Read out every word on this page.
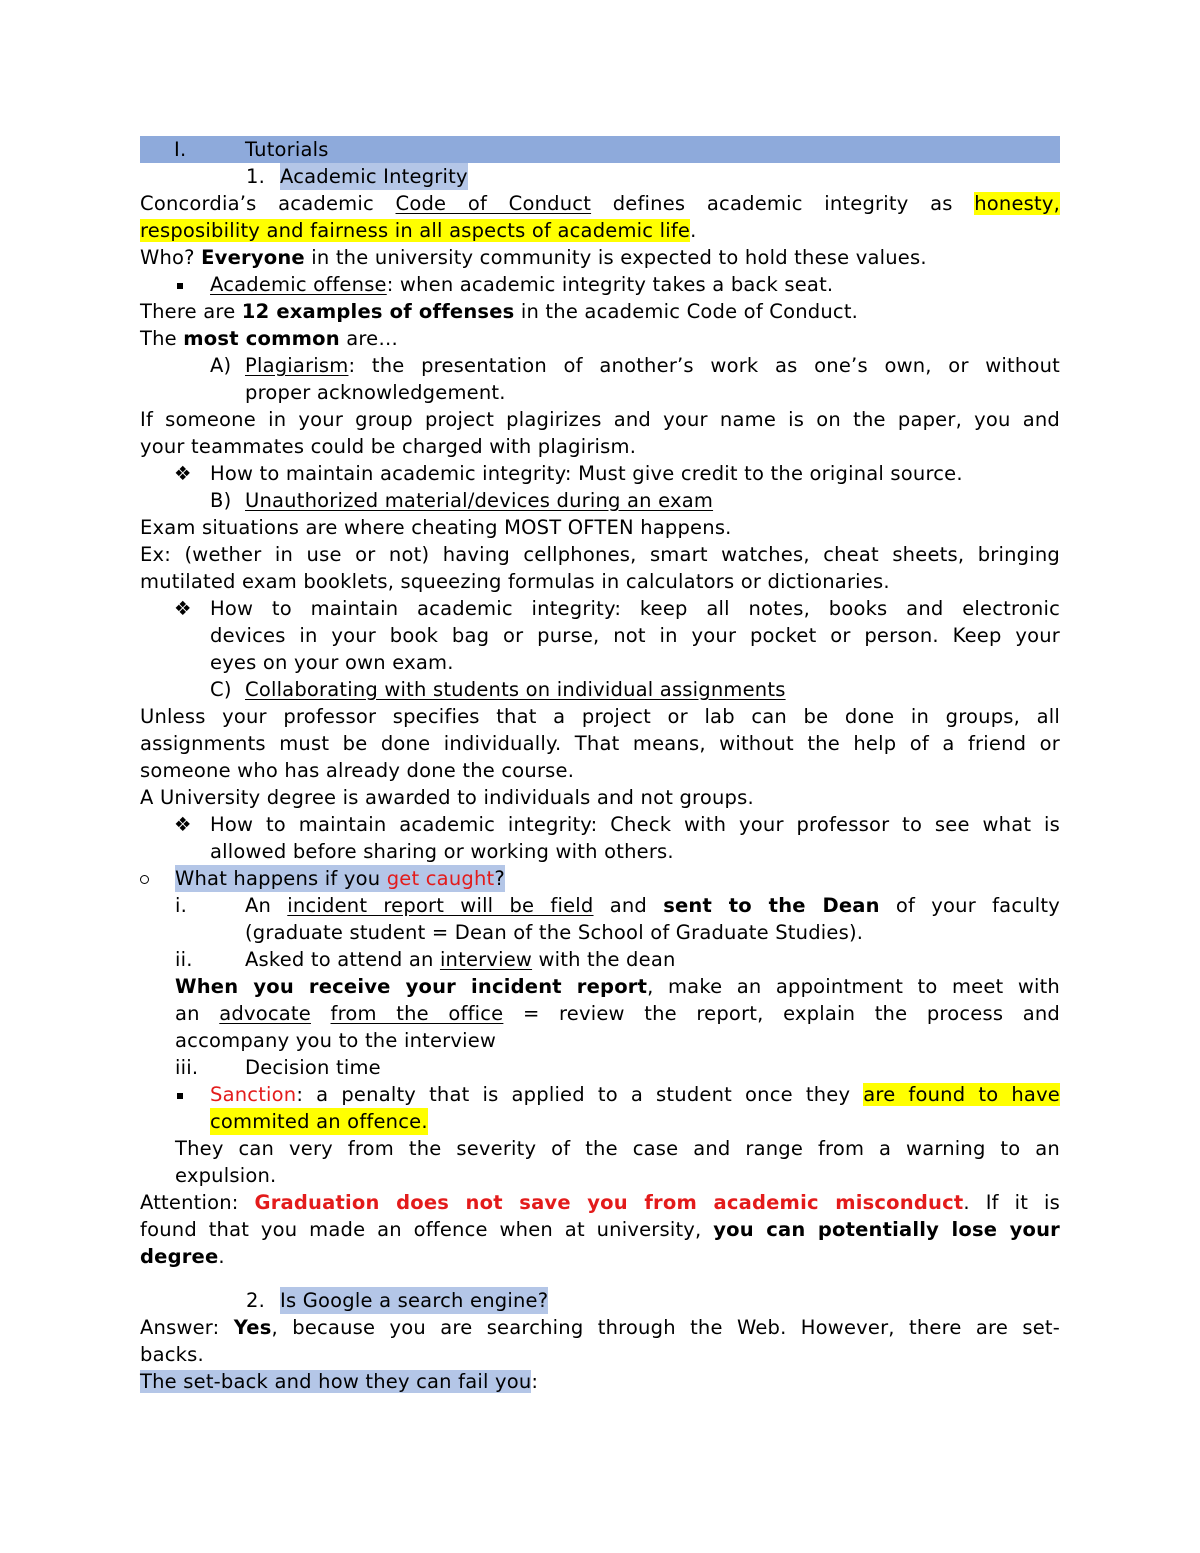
I.	Tutorials
1. Academic Integrity
Concordia’s academic Code of Conduct defines academic integrity as honesty,
resposibility and fairness in all aspects of academic life.
Who? Everyone in the university community is expected to hold these values.
Academic offense: when academic integrity takes a back seat.
There are 12 examples of offenses in the academic Code of Conduct.
The most common are…
A) Plagiarism: the presentation of another’s work as one’s own, or without
proper acknowledgement.
If someone in your group project plagirizes and your name is on the paper, you and
your teammates could be charged with plagirism.
❖ How to maintain academic integrity: Must give credit to the original source.
B) Unauthorized material/devices during an exam
Exam situations are where cheating MOST OFTEN happens.
Ex: (wether in use or not) having cellphones, smart watches, cheat sheets, bringing
mutilated exam booklets, squeezing formulas in calculators or dictionaries.
❖ How to maintain academic integrity: keep all notes, books and electronic
devices in your book bag or purse, not in your pocket or person. Keep your
eyes on your own exam.
C) Collaborating with students on individual assignments
Unless your professor specifies that a project or lab can be done in groups, all
assignments must be done individually. That means, without the help of a friend or
someone who has already done the course.
A University degree is awarded to individuals and not groups.
❖ How to maintain academic integrity: Check with your professor to see what is
allowed before sharing or working with others.
What happens if you get caught?
i.	An incident report will be field and sent to the Dean of your faculty
(graduate student = Dean of the School of Graduate Studies).
ii.	Asked to attend an interview with the dean
When you receive your incident report, make an appointment to meet with
an advocate from the office = review the report, explain the process and
accompany you to the interview
iii. Decision time
Sanction: a penalty that is applied to a student once they are found to have
commited an offence.
They can very from the severity of the case and range from a warning to an
expulsion.
Attention: Graduation does not save you from academic misconduct. If it is
found that you made an offence when at university, you can potentially lose your
degree.
2. Is Google a search engine?
Answer: Yes, because you are searching through the Web. However, there are set-
backs.
The set-back and how they can fail you:
